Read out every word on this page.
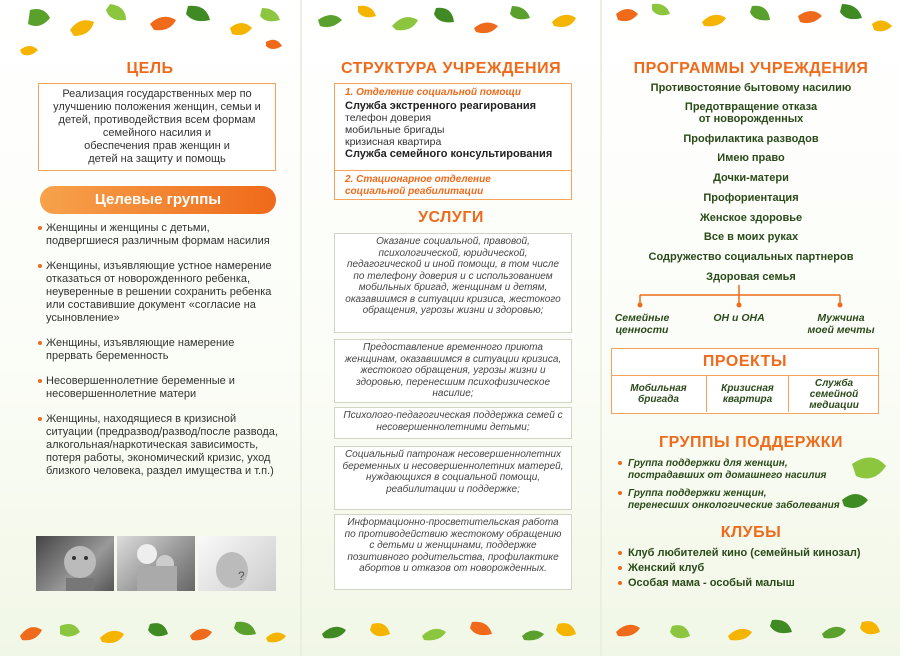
ЦЕЛЬ
Реализация государственных мер по
улучшению положения женщин, семьи и
детей, противодействия всем формам
семейного насилия и
обеспечения прав женщин и
детей на защиту и помощь
Целевые группы
Женщины и женщины с детьми, подвергшиеся различным формам насилия
Женщины, изъявляющие устное намерение отказаться от новорожденного ребенка, неуверенные в решении сохранить ребенка или составившие документ «согласие на усыновление»
Женщины, изъявляющие намерение прервать беременность
Несовершеннолетние беременные и несовершеннолетние матери
Женщины, находящиеся в кризисной ситуации (предразвод/развод/после развода, алкогольная/наркотическая зависимость, потеря работы, экономический кризис, уход близкого человека, раздел имущества и т.п.)
?
СТРУКТУРА УЧРЕЖДЕНИЯ
1. Отделение социальной помощи
Служба экстренного реагирования
телефон доверия
мобильные бригады
кризисная квартира
Служба семейного консультирования
2. Стационарное отделение
социальной реабилитации
УСЛУГИ
Оказание социальной, правовой, психологической, юридической, педагогической и иной помощи, в том числе по телефону доверия и с использованием мобильных бригад, женщинам и детям, оказавшимся в ситуации кризиса, жестокого обращения, угрозы жизни и здоровью;
Предоставление временного приюта женщинам, оказавшимся в ситуации кризиса, жестокого обращения, угрозы жизни и здоровью, перенесшим психофизическое насилие;
Психолого-педагогическая поддержка семей с несовершеннолетними детьми;
Социальный патронаж несовершеннолетних беременных и несовершеннолетних матерей, нуждающихся в социальной помощи, реабилитации и поддержке;
Информационно-просветительская работа по противодействию жестокому обращению с детьми и женщинами, поддержке позитивного родительства, профилактике абортов и отказов от новорожденных.
ПРОГРАММЫ УЧРЕЖДЕНИЯ
Противостояние бытовому насилию
Предотвращение отказа
от новорожденных
Профилактика разводов
Имею право
Дочки-матери
Профориентация
Женское здоровье
Все в моих руках
Содружество социальных партнеров
Здоровая семья
Семейные
ценности
ОН и ОНА	Мужчина
моей мечты
ПРОЕКТЫ
Мобильная
бригада
Кризисная
квартира
Служба
семейной
медиации
ГРУППЫ ПОДДЕРЖКИ
Группа поддержки для женщин,
пострадавших от домашнего насилия
Группа поддержки женщин,
перенесших онкологические заболевания
КЛУБЫ
Клуб любителей кино (семейный кинозал)
Женский клуб
Особая мама - особый малыш
